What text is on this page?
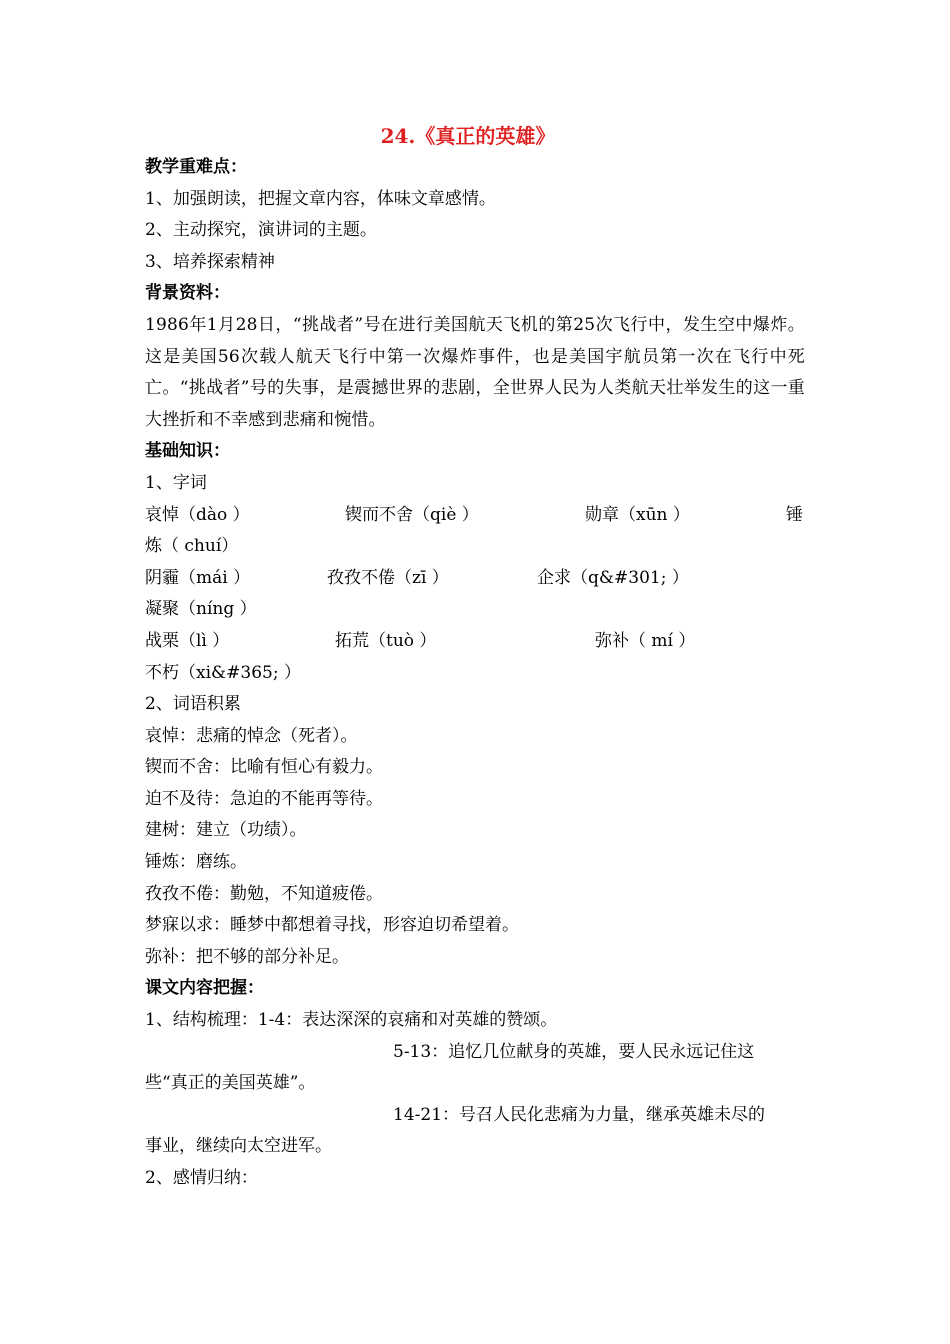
24.《真正的英雄》
教学重难点：
1、加强朗读，把握文章内容，体味文章感情。
2、主动探究，演讲词的主题。
3、培养探索精神
背景资料：
1986年1月28日，“挑战者”号在进行美国航天飞机的第25次飞行中，发生空中爆炸。这是美国56次载人航天飞行中第一次爆炸事件，也是美国宇航员第一次在飞行中死亡。“挑战者”号的失事，是震撼世界的悲剧，全世界人民为人类航天壮举发生的这一重大挫折和不幸感到悲痛和惋惜。
基础知识：
1、字词
哀悼（dào ）	锲而不舍（qiè ）	勋章（xūn ）	锤
炼（ chuí）
阴霾（mái ）	孜孜不倦（zī ）	企求（q&#301; ）
凝聚（níng ）
战栗（lì ）	拓荒（tuò ）	弥补（ mí ）
不朽（xi&#365; ）
2、词语积累
哀悼：悲痛的悼念（死者）。
锲而不舍：比喻有恒心有毅力。
迫不及待：急迫的不能再等待。
建树：建立（功绩）。
锤炼：磨练。
孜孜不倦：勤勉，不知道疲倦。
梦寐以求：睡梦中都想着寻找，形容迫切希望着。
弥补：把不够的部分补足。
课文内容把握：
1、结构梳理：1-4：表达深深的哀痛和对英雄的赞颂。
5-13：追忆几位献身的英雄，要人民永远记住这
些“真正的美国英雄”。
14-21：号召人民化悲痛为力量，继承英雄未尽的
事业，继续向太空进军。
2、感情归纳：
